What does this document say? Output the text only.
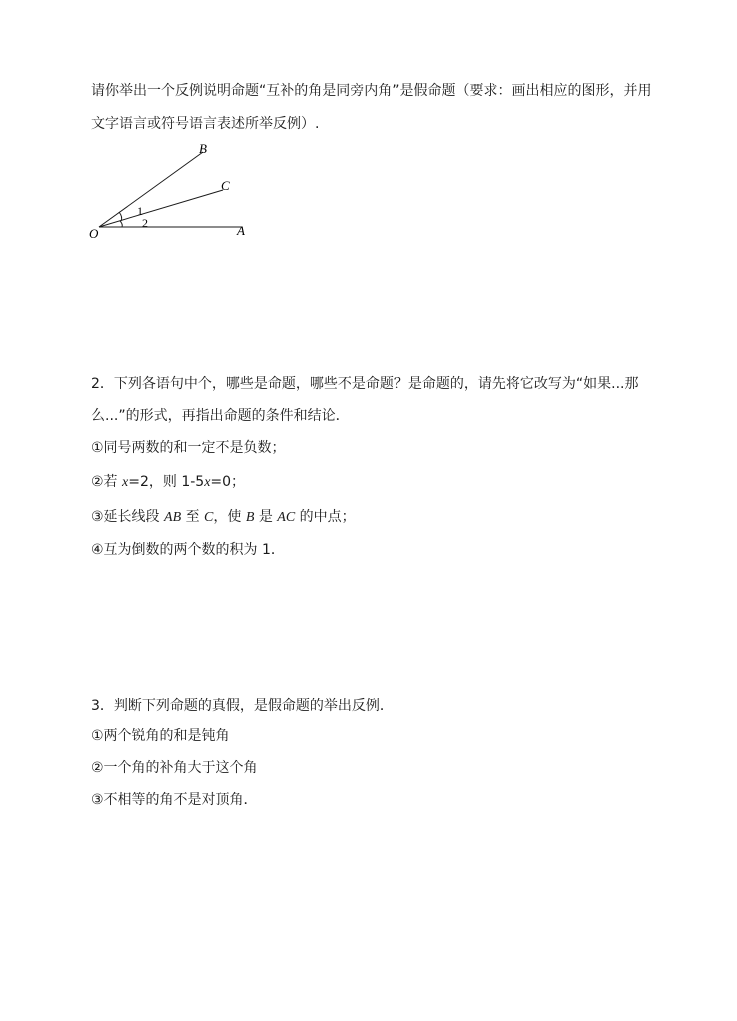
请你举出一个反例说明命题“互补的角是同旁内角”是假命题（要求：画出相应的图形，并用
文字语言或符号语言表述所举反例）.
O	A
B
C
1
2
2．下列各语句中个，哪些是命题，哪些不是命题？是命题的，请先将它改写为“如果...那
么...”的形式，再指出命题的条件和结论．
①同号两数的和一定不是负数；
②若 x=2，则 1-5x=0；
③延长线段 AB 至 C，使 B 是 AC 的中点；
④互为倒数的两个数的积为 1．
3．判断下列命题的真假，是假命题的举出反例．
①两个锐角的和是钝角
②一个角的补角大于这个角
③不相等的角不是对顶角．
